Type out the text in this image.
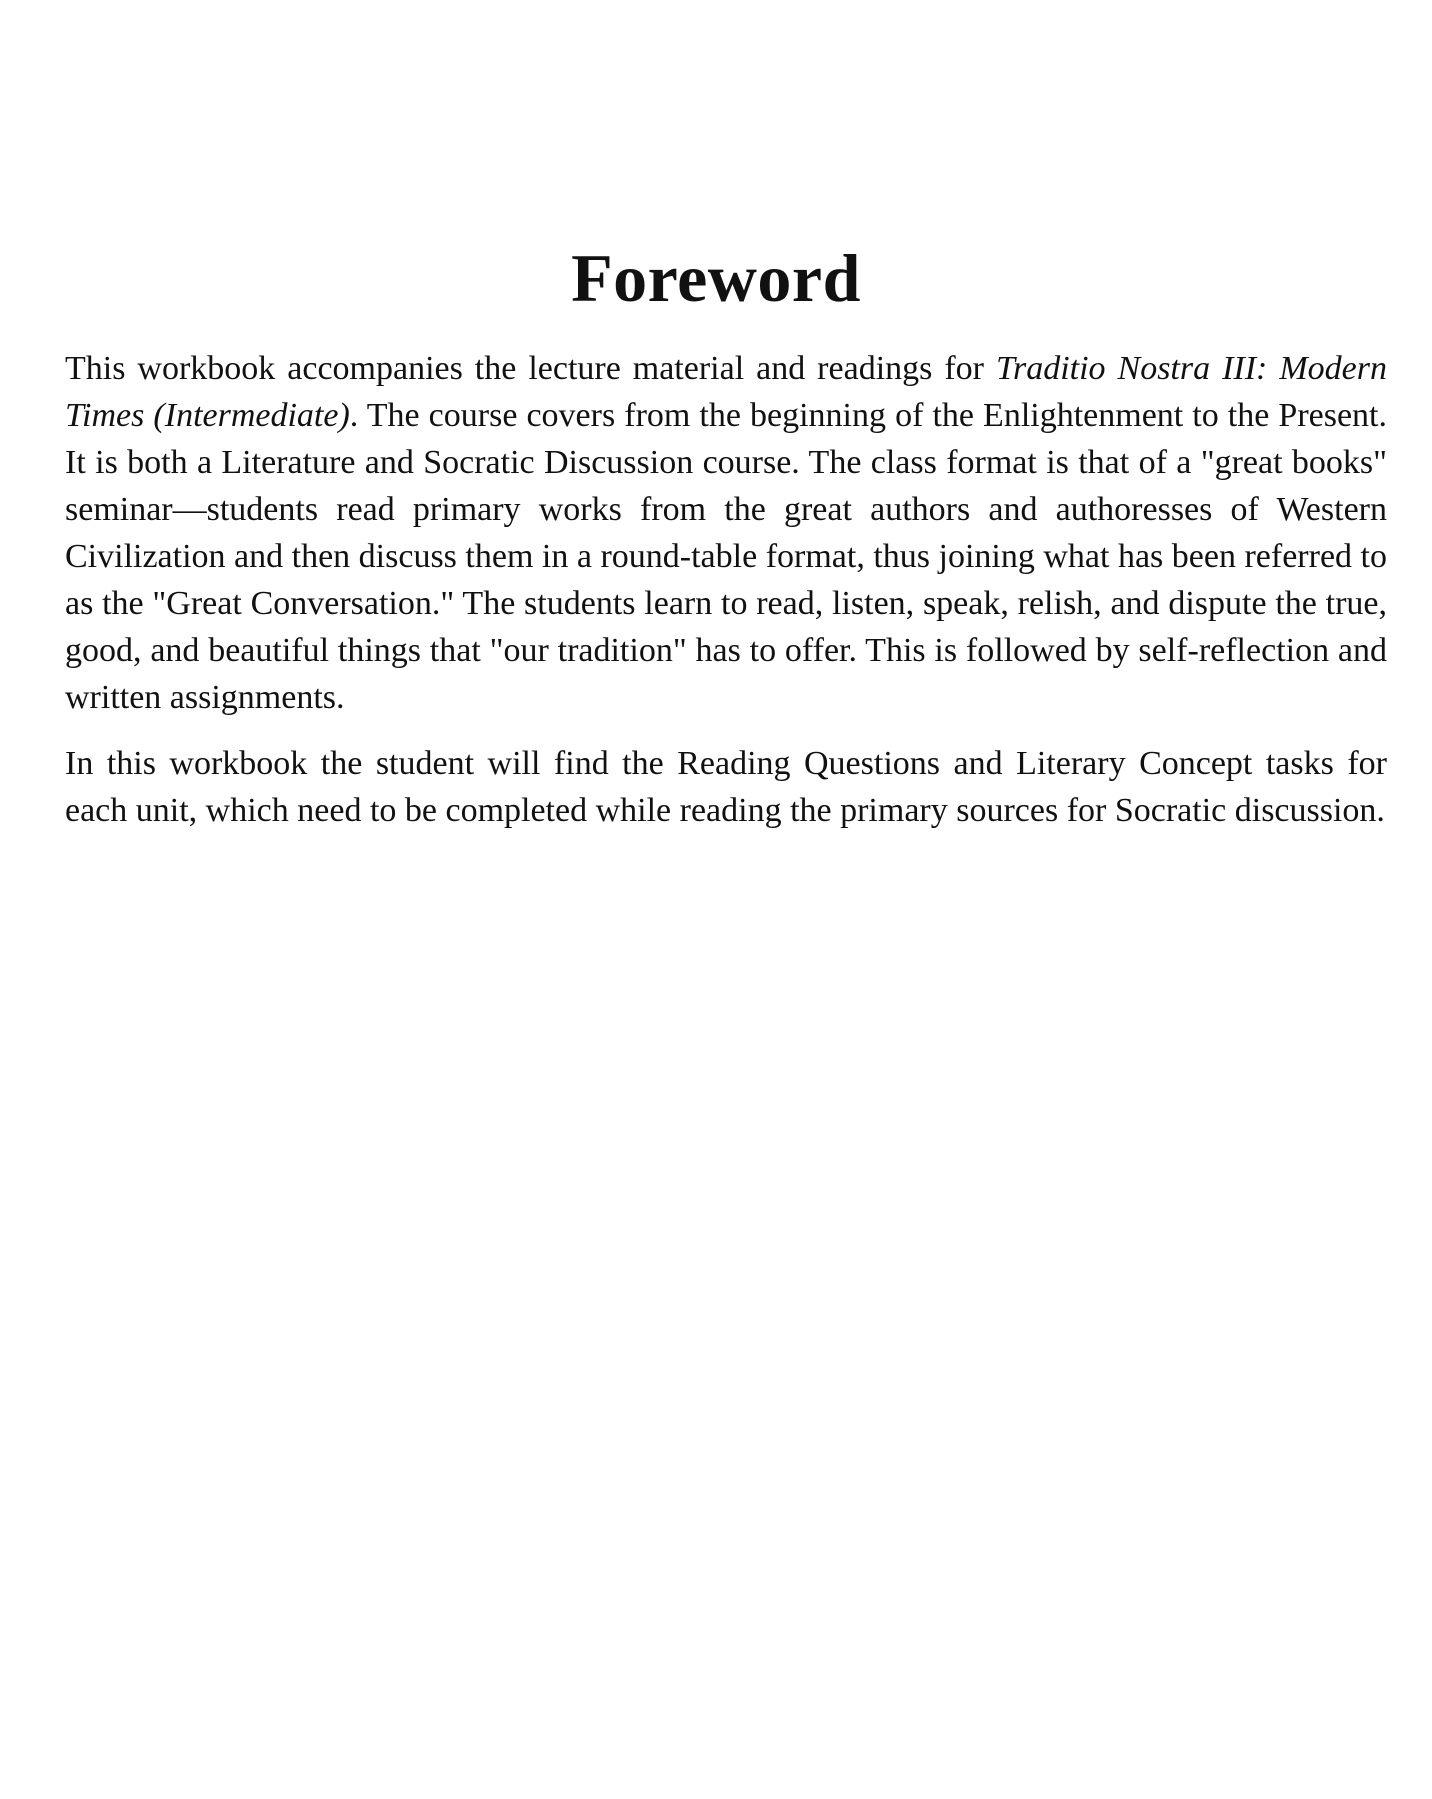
Foreword

This workbook accompanies the lecture material and readings for Traditio Nostra III: Modern Times (Intermediate). The course covers from the beginning of the Enlightenment to the Present. It is both a Literature and Socratic Discussion course. The class format is that of a "great books" seminar—students read primary works from the great authors and authoresses of Western Civilization and then discuss them in a round-table format, thus joining what has been referred to as the "Great Conversation." The students learn to read, listen, speak, relish, and dispute the true, good, and beautiful things that "our tradition" has to offer. This is followed by self-reflection and written assignments.

In this workbook the student will find the Reading Questions and Literary Concept tasks for each unit, which need to be completed while reading the primary sources for Socratic discussion.
